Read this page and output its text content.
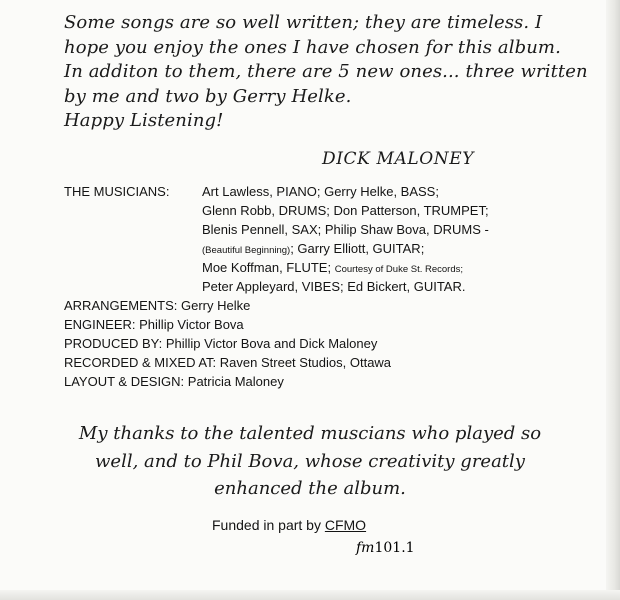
Some songs are so well written; they are timeless. I
hope you enjoy the ones I have chosen for this album.
In additon to them, there are 5 new ones... three written
by me and two by Gerry Helke.
Happy Listening!
DICK MALONEY
THE MUSICIANS:	Art Lawless, PIANO; Gerry Helke, BASS;
Glenn Robb, DRUMS; Don Patterson, TRUMPET;
Blenis Pennell, SAX; Philip Shaw Bova, DRUMS -
(Beautiful Beginning); Garry Elliott, GUITAR;
Moe Koffman, FLUTE; Courtesy of Duke St. Records;
Peter Appleyard, VIBES; Ed Bickert, GUITAR.
ARRANGEMENTS: Gerry Helke
ENGINEER: Phillip Victor Bova
PRODUCED BY: Phillip Victor Bova and Dick Maloney
RECORDED & MIXED AT: Raven Street Studios, Ottawa
LAYOUT & DESIGN: Patricia Maloney
My thanks to the talented muscians who played so
well, and to Phil Bova, whose creativity greatly
enhanced the album.
Funded in part by CFMO
fm101.1
